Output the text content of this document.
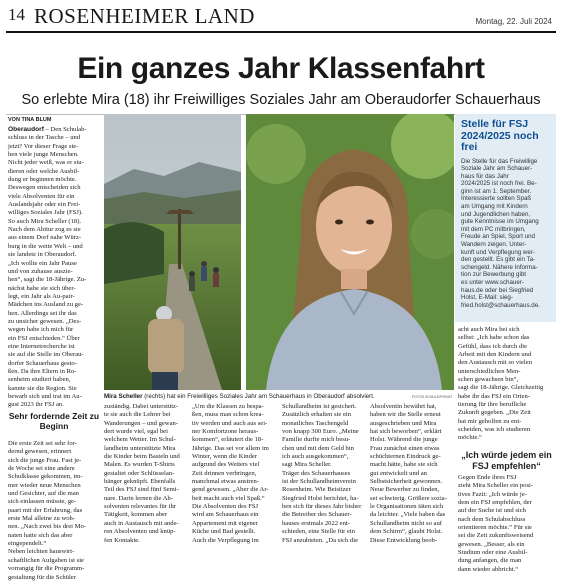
14 ROSENHEIMER LAND	Montag, 22. Juli 2024
Ein ganzes Jahr Klassenfahrt
So erlebte Mira (18) ihr Freiwilliges Soziales Jahr am Oberaudorfer Schauerhaus
VON TINA BLUM
Oberaudorf – Den Schulab-
schluss in der Tasche – und
jetzt? Vor dieser Frage ste-
hen viele junge Menschen.
Nicht jeder weiß, was er stu-
dieren oder welche Ausbil-
dung er beginnen möchte.
Deswegen entscheiden sich
viele Absolventen für ein
Auslandsjahr oder ein Frei-
williges Soziales Jahr (FSJ).
So auch Mira Scheller (18).
Nach dem Abitur zog es sie
aus einem Dorf nahe Würz-
burg in die weite Welt – und
sie landete in Oberaudorf.
„Ich wollte ein Jahr Pause
und von zuhause auszie-
hen“, sagt die 18-Jährige. Zu-
nächst habe sie sich über-
legt, ein Jahr als Au-pair-
Mädchen ins Ausland zu ge-
hen. Allerdings sei ihr das
zu unsicher gewesen. „Des-
wegen habe ich mich für
ein FSJ entschieden.“ Über
eine Internetrecherche ist
sie auf die Stelle im Oberau-
dorfer Schauerhaus gesto-
ßen. Da ihre Eltern in Ro-
senheim studiert haben,
kannte sie die Region. Sie
bewarb sich und trat im Au-
gust 2023 ihr FSJ an.
Sehr fordernde Zeit zu Beginn
Die erste Zeit sei sehr for-
dernd gewesen, erinnert
sich die junge Frau. Fast je-
de Woche sei eine andere
Schulklasse gekommen, im-
mer wieder neue Menschen
und Gesichter, auf die man
sich einlassen müsste, ge-
paart mit der Erfahrung, das
erste Mal alleine zu woh-
nen. „Nach zwei bis drei Mo-
naten hatte sich das aber
eingependelt.“
Neben leichten hauswirt-
schaftlichen Aufgaben ist sie
vorrangig für die Programm-
gestaltung für die Schüler
Mira Scheller (rechts) hat ein Freiwilliges Soziales Jahr am Schauerhaus in Oberaudorf absolviert.	FOTOS SCHULE/PRIVAT
zuständig. Dabei unterstütz-
te sie auch die Lehrer bei
Wanderungen – und gewan-
dert wurde viel, egal bei
welchem Wetter. Im Schul-
landheim unterstützte Mira
die Kinder beim Basteln und
Malen. Es wurden T-Shirts
gestaltet oder Schlüsselan-
hänger geknüpft. Ebenfalls
Teil des FSJ sind fünf Semi-
nare. Darin lernen die Ab-
solventen relevantes für ihr
Tätigkeit, kommen aber
auch in Austausch mit ande-
ren Absolventen und knüp-
fen Kontakte.
„Um die Klassen zu bespa-
ßen, muss man schon krea-
tiv werden und auch aus sei-
ner Komfortzone heraus-
kommen“, erläutert die 18-
Jährige. Das sei vor allem im
Winter, wenn die Kinder
aufgrund des Wetters viel
Zeit drinnen verbringen,
manchmal etwas anstren-
gend gewesen. „Aber die Ar-
beit macht auch viel Spaß.“
Die Absolventen des FSJ
wird am Schauerhaus ein
Appartement mit eigener
Küche und Bad gestellt.
Auch die Verpflegung im
Schullandheim ist gesichert.
Zusätzlich erhalten sie ein
monatliches Taschengeld
von knapp 300 Euro. „Meine
Familie durfte mich besu-
chen und mit dem Geld bin
ich auch ausgekommen“,
sagt Mira Scheller.
Träger des Schauerhauses
ist der Schullandheimverein
Rosenheim. Wie Beisitzer
Siegfried Holst berichtet, ha-
ben sich für dieses Jahr bisher
die Betreiber des Schauer-
hauses erstmals 2022 ent-
schieden, eine Stelle für ein
FSJ anzubieten. „Da sich die
Absolventin bewährt hat,
haben wir die Stelle erneut
ausgeschrieben und Mira
hat sich beworben“, erklärt
Holst. Während die junge
Frau zunächst einen etwas
schüchternen Eindruck ge-
macht hätte, habe sie sich
gut entwickelt und an
Selbstsicherheit gewonnen.
Neue Bewerber zu finden,
sei schwierig. Größere sozia-
le Organisationen täten sich
da leichter. „Viele haben das
Schullandheim nicht so auf
dem Schirm“, glaubt Holst.
Diese Entwicklung beob-
Stelle für FSJ 2024/2025 noch frei
Die Stelle für das Freiwillige
Soziale Jahr am Schauer-
haus für das Jahr
2024/2025 ist noch frei. Be-
ginn ist am 1. September.
Interessierte sollten Spaß
am Umgang mit Kindern
und Jugendlichen haben,
gute Kenntnisse im Umgang
mit dem PC mitbringen,
Freude an Spiel, Sport und
Wandern zeigen. Unter-
kunft und Verpflegung wer-
den gestellt. Es gibt ein Ta-
schengeld. Nähere Informa-
tion zur Bewerbung gibt
es unter www.schauer-
haus.de oder bei Siegfried
Holst, E-Mail: sieg-
fried.holst@schauerhaus.de.
acht auch Mira bei sich
selbst: „Ich habe schon das
Gefühl, dass ich durch die
Arbeit mit den Kindern und
den Austausch mit so vielen
unterschiedlichen Men-
schen gewachsen bin“,
sagt die 18-Jährige. Gleichzeitig
habe ihr das FSJ ein Orien-
tierung für ihre berufliche
Zukunft gegeben. „Die Zeit
hat mir geholfen zu ent-
scheiden, was ich studieren
möchte.“
„Ich würde jedem ein FSJ empfehlen“
Gegen Ende ihres FSJ
zieht Mira Scheller ein posi-
tives Fazit: „Ich würde je-
dem ein FSJ empfehlen, der
auf der Suche ist und sich
nach dem Schulabschluss
orientieren möchte.“ Für sie
sei die Zeit zukunftsweisend
gewesen. „Besser, als ein
Studium oder eine Ausbil-
dung anfangen, die man
dann wieder abbricht.“
